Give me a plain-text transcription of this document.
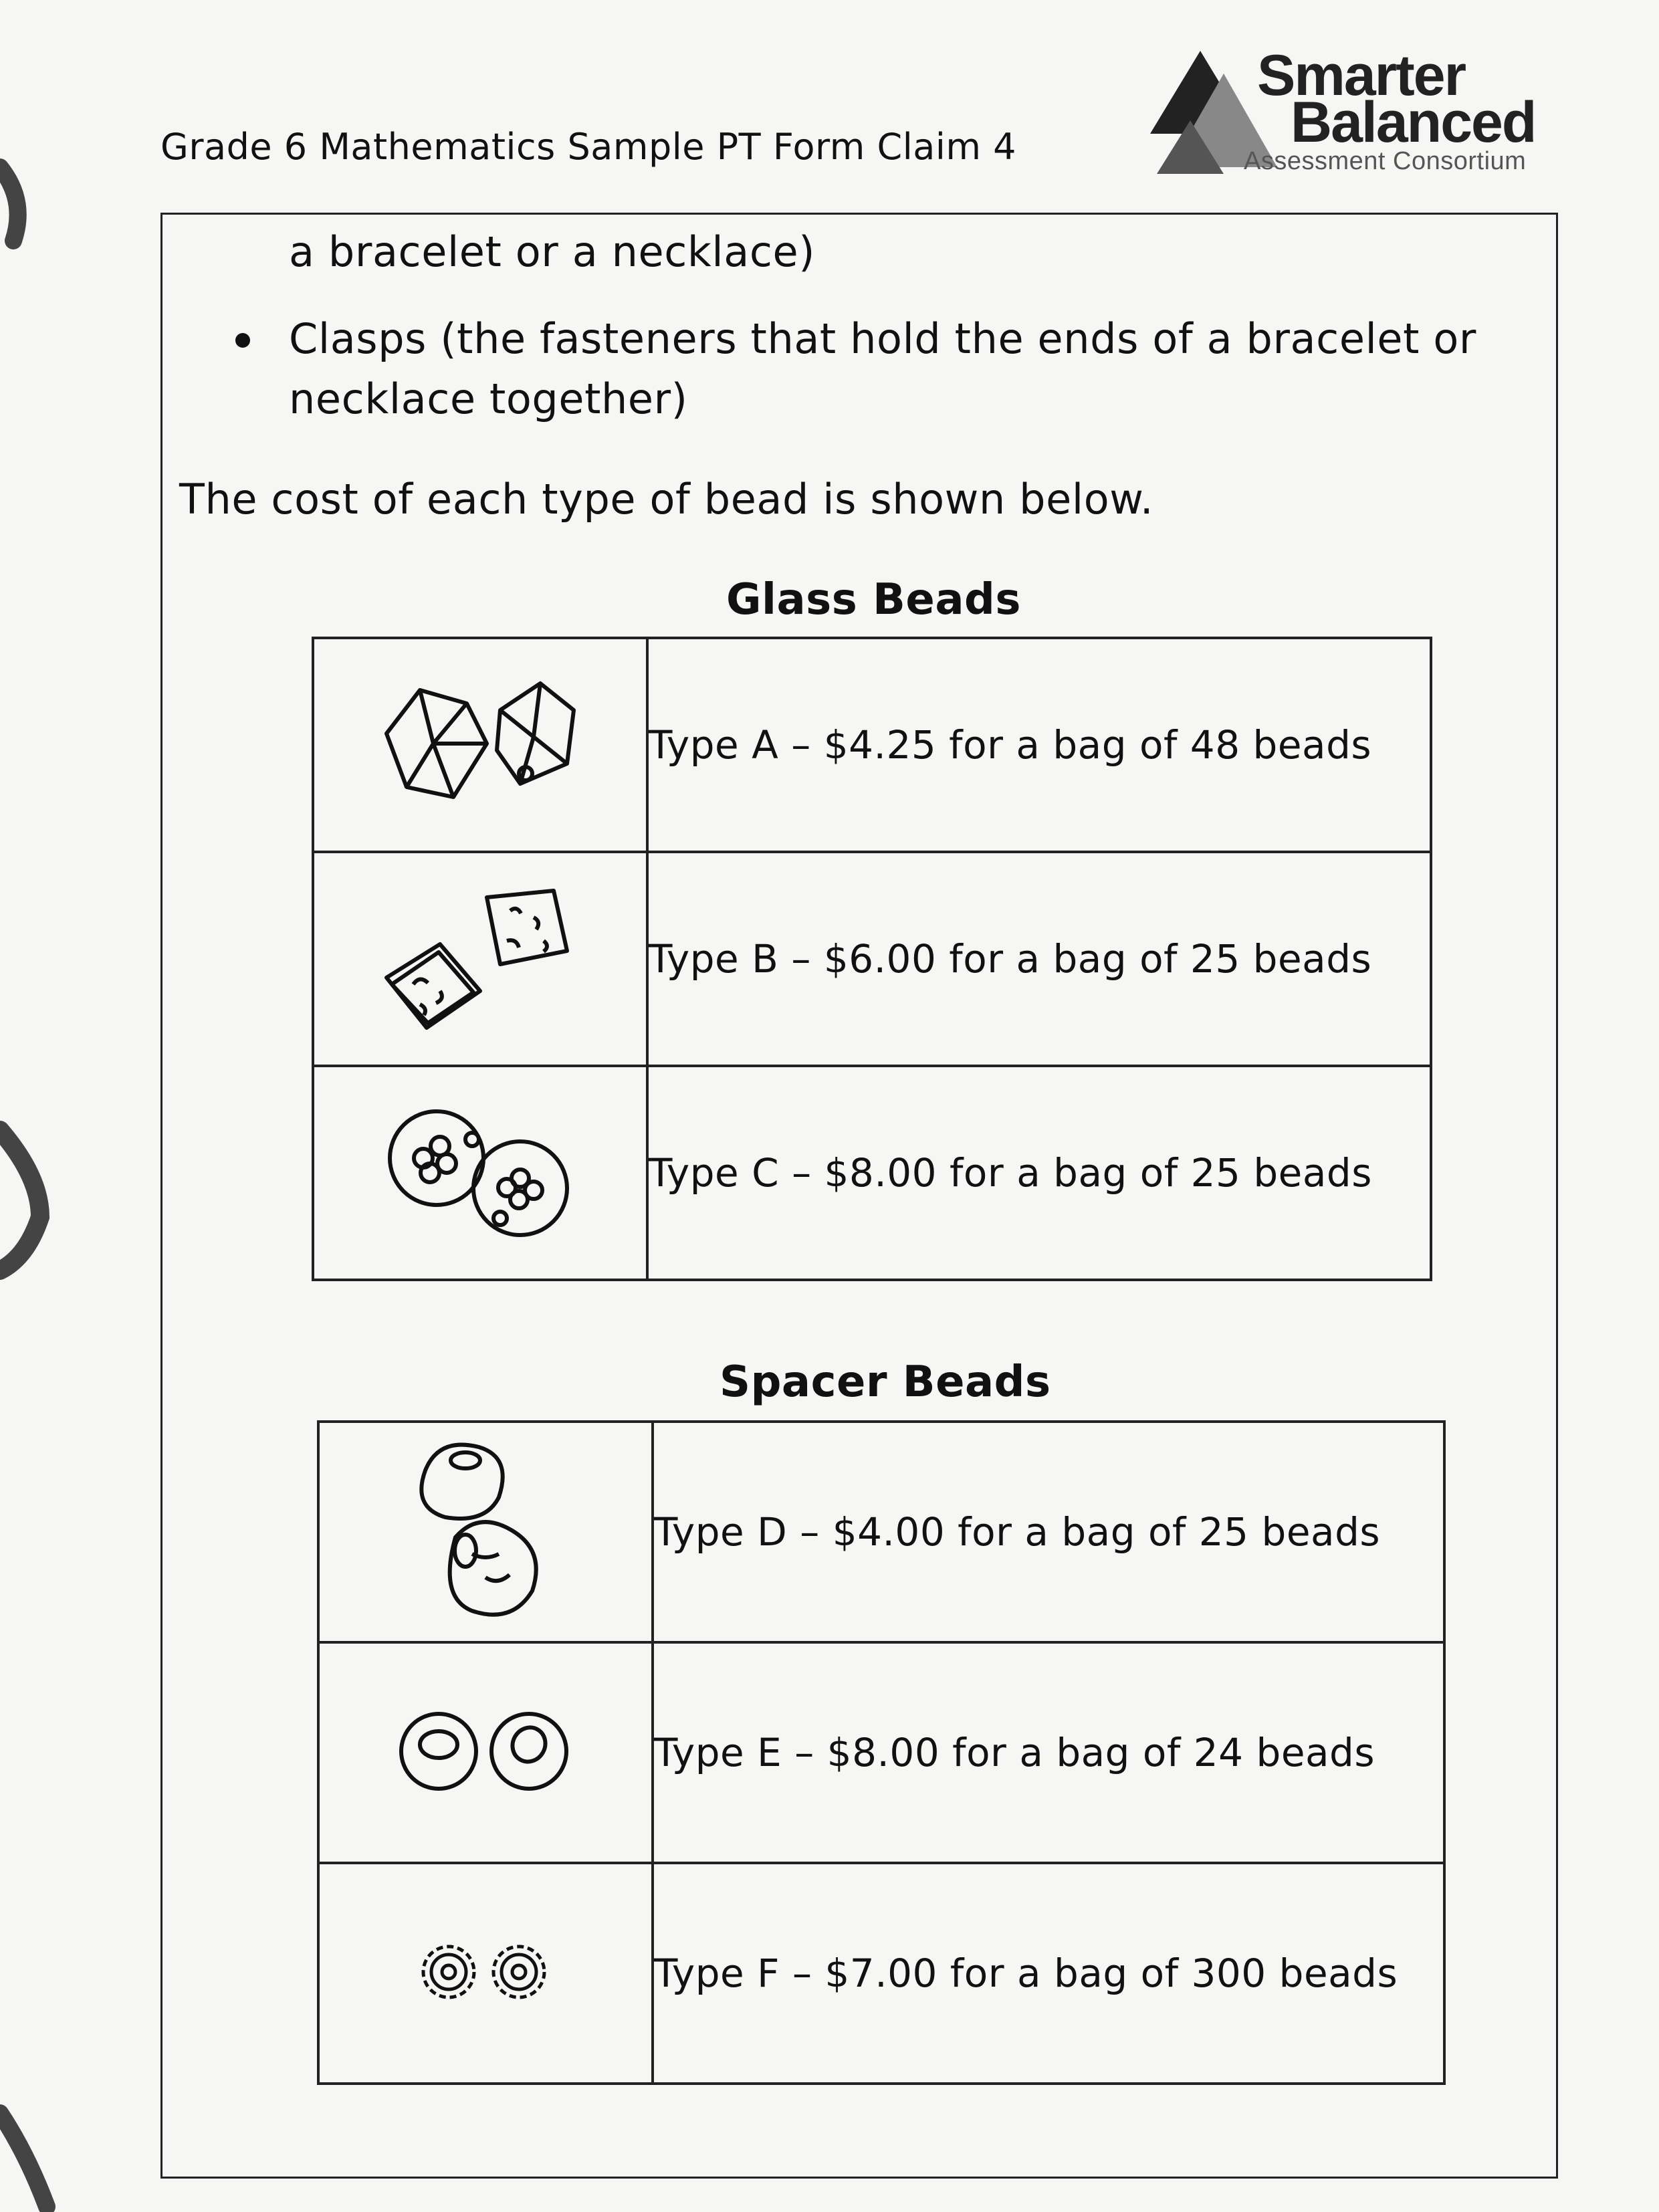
Grade 6 Mathematics Sample PT Form Claim 4
Smarter
Balanced
Assessment Consortium
a bracelet or a necklace)
Clasps (the fasteners that hold the ends of a bracelet or
necklace together)
The cost of each type of bead is shown below.
Glass Beads
	Type A – $4.25 for a bag of 48 beads
	Type B – $6.00 for a bag of 25 beads
	Type C – $8.00 for a bag of 25 beads
Spacer Beads
	Type D – $4.00 for a bag of 25 beads
	Type E – $8.00 for a bag of 24 beads
	Type F – $7.00 for a bag of 300 beads
